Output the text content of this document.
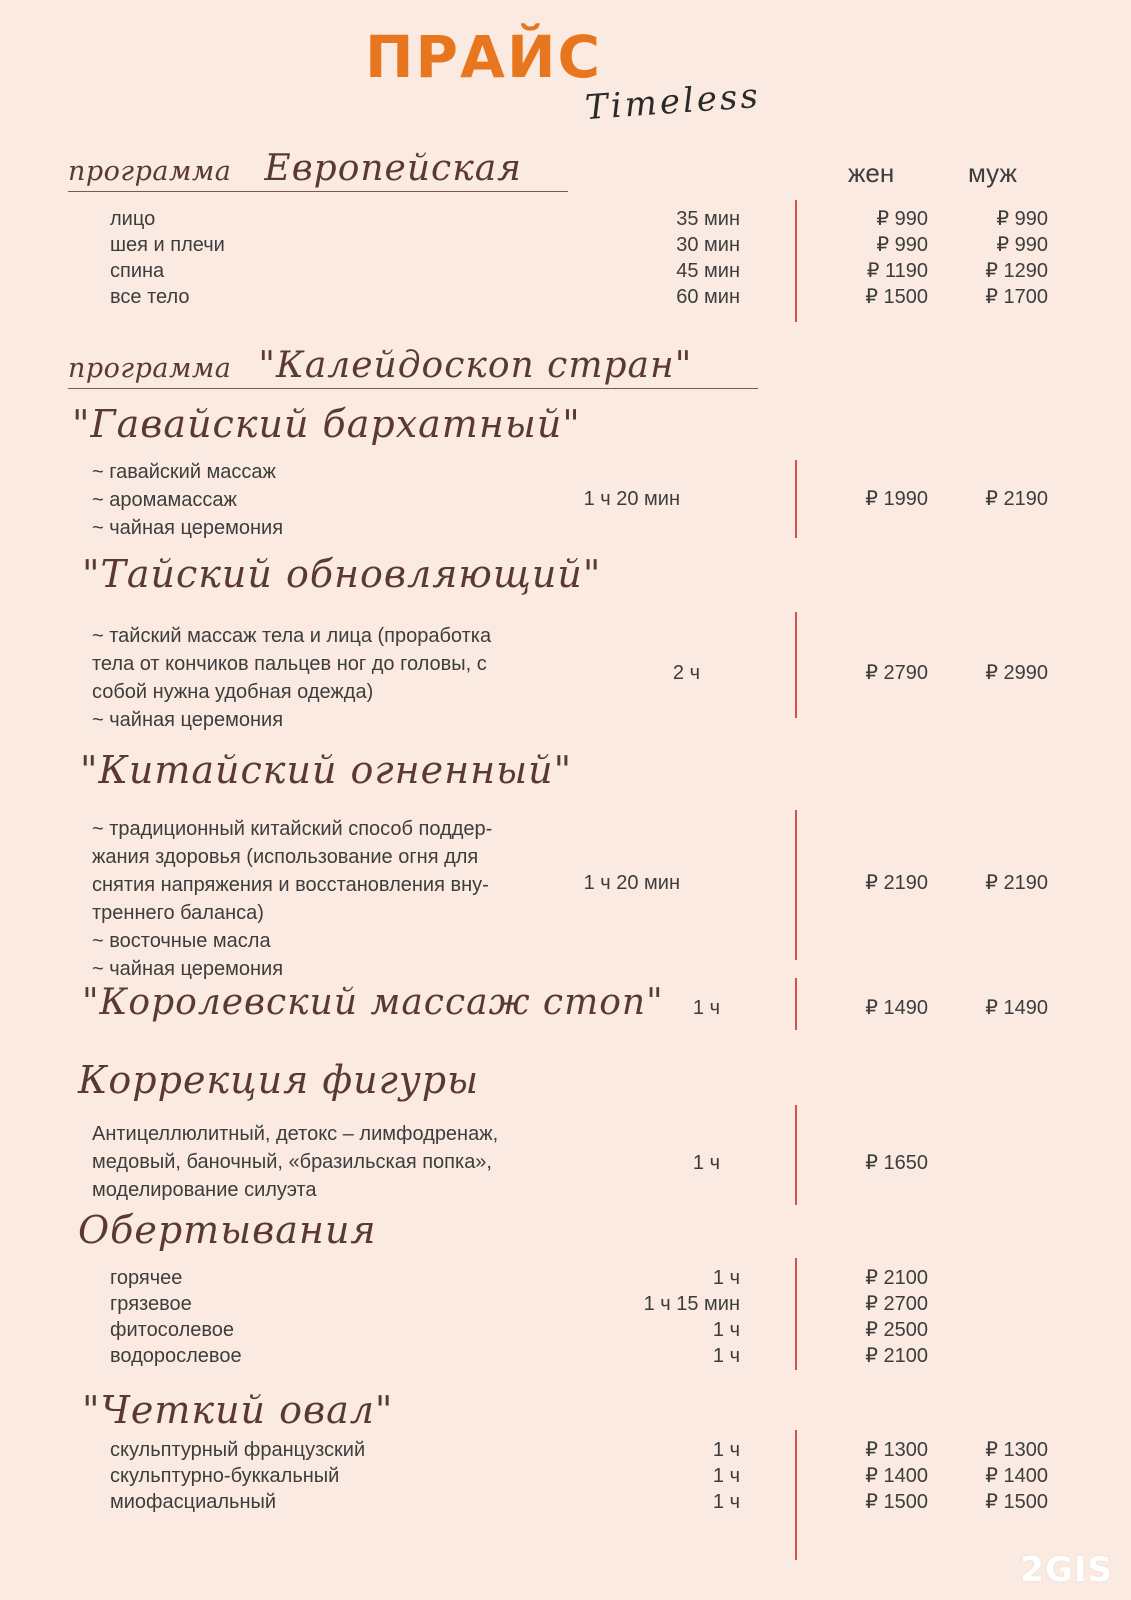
ПРАЙС
Timeless
жен	муж
программа Европейская
лицо	35 мин	₽ 990	₽ 990
шея и плечи	30 мин	₽ 990	₽ 990
спина	45 мин	₽ 1190	₽ 1290
все тело	60 мин	₽ 1500	₽ 1700
программа "Калейдоскоп стран"
"Гавайский бархатный"
~ гавайский массаж
~ аромамассаж
~ чайная церемония
1 ч 20 мин	₽ 1990	₽ 2190
"Тайский обновляющий"
~ тайский массаж тела и лица (проработка
тела от кончиков пальцев ног до головы, с
собой нужна удобная одежда)
~ чайная церемония
2 ч	₽ 2790	₽ 2990
"Китайский огненный"
~ традиционный китайский способ поддер-
жания здоровья (использование огня для
снятия напряжения и восстановления вну-
треннего баланса)
~ восточные масла
~ чайная церемония
1 ч 20 мин	₽ 2190	₽ 2190
"Королевский массаж стоп"	1 ч	₽ 1490	₽ 1490
Коррекция фигуры
Антицеллюлитный, детокс – лимфодренаж,
медовый, баночный, «бразильская попка»,
моделирование силуэта
1 ч	₽ 1650
Обертывания
горячее	1 ч	₽ 2100
грязевое	1 ч 15 мин	₽ 2700
фитосолевое	1 ч	₽ 2500
водорослевое	1 ч	₽ 2100
"Четкий овал"
скульптурный французский	1 ч	₽ 1300	₽ 1300
скульптурно-буккальный	1 ч	₽ 1400	₽ 1400
миофасциальный	1 ч	₽ 1500	₽ 1500
2GIS
